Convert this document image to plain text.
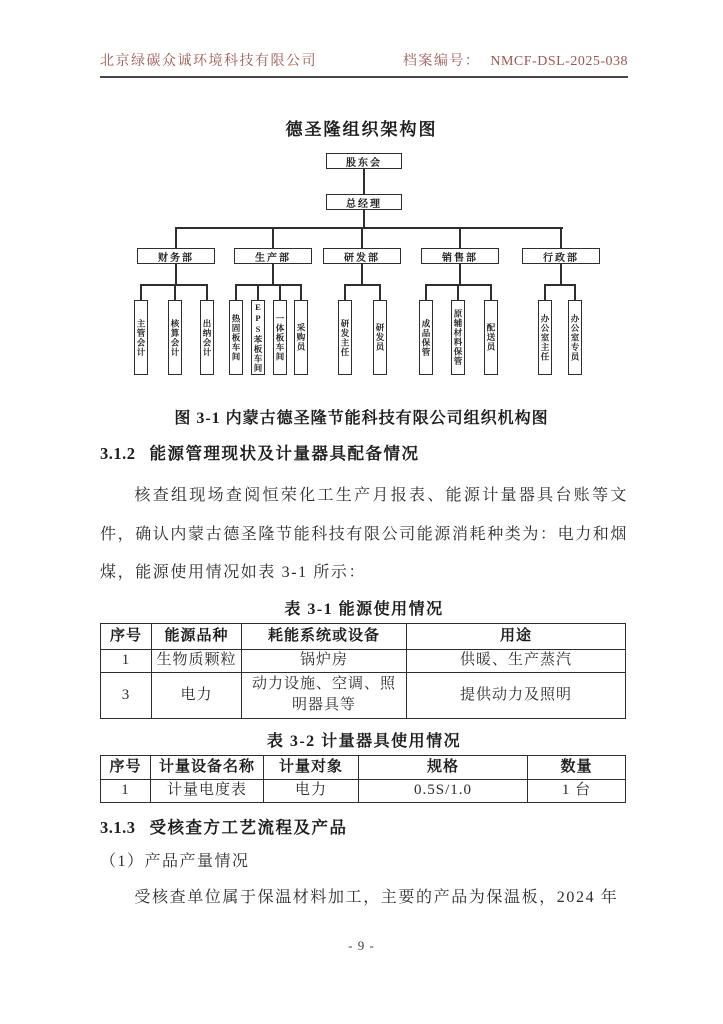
北京绿碳众诚环境科技有限公司	档案编号： NMCF-DSL-2025-038
德圣隆组织架构图
股东会
总经理
财务部	生产部	研发部	销售部	行政部
主管会计	核算会计	出纳会计 热固板车间 EPS苯板车间 一体板车间 采购员	研发主任	研发员	成品保管	原辅材料保管	配送员	办公室主任 办公室专员
图 3-1 内蒙古德圣隆节能科技有限公司组织机构图
3.1.2 能源管理现状及计量器具配备情况
核查组现场查阅恒荣化工生产月报表、能源计量器具台账等文件，确认内蒙古德圣隆节能科技有限公司能源消耗种类为：电力和烟煤，能源使用情况如表 3-1 所示：
表 3-1 能源使用情况
序号	能源品种	耗能系统或设备	用途
1	生物质颗粒	锅炉房	供暖、生产蒸汽
3	电力	动力设施、空调、照明器具等	提供动力及照明
表 3-2 计量器具使用情况
序号	计量设备名称	计量对象	规格	数量
1	计量电度表	电力	0.5S/1.0	1 台
3.1.3 受核查方工艺流程及产品
（1）产品产量情况
受核查单位属于保温材料加工，主要的产品为保温板，2024 年
- 9 -
